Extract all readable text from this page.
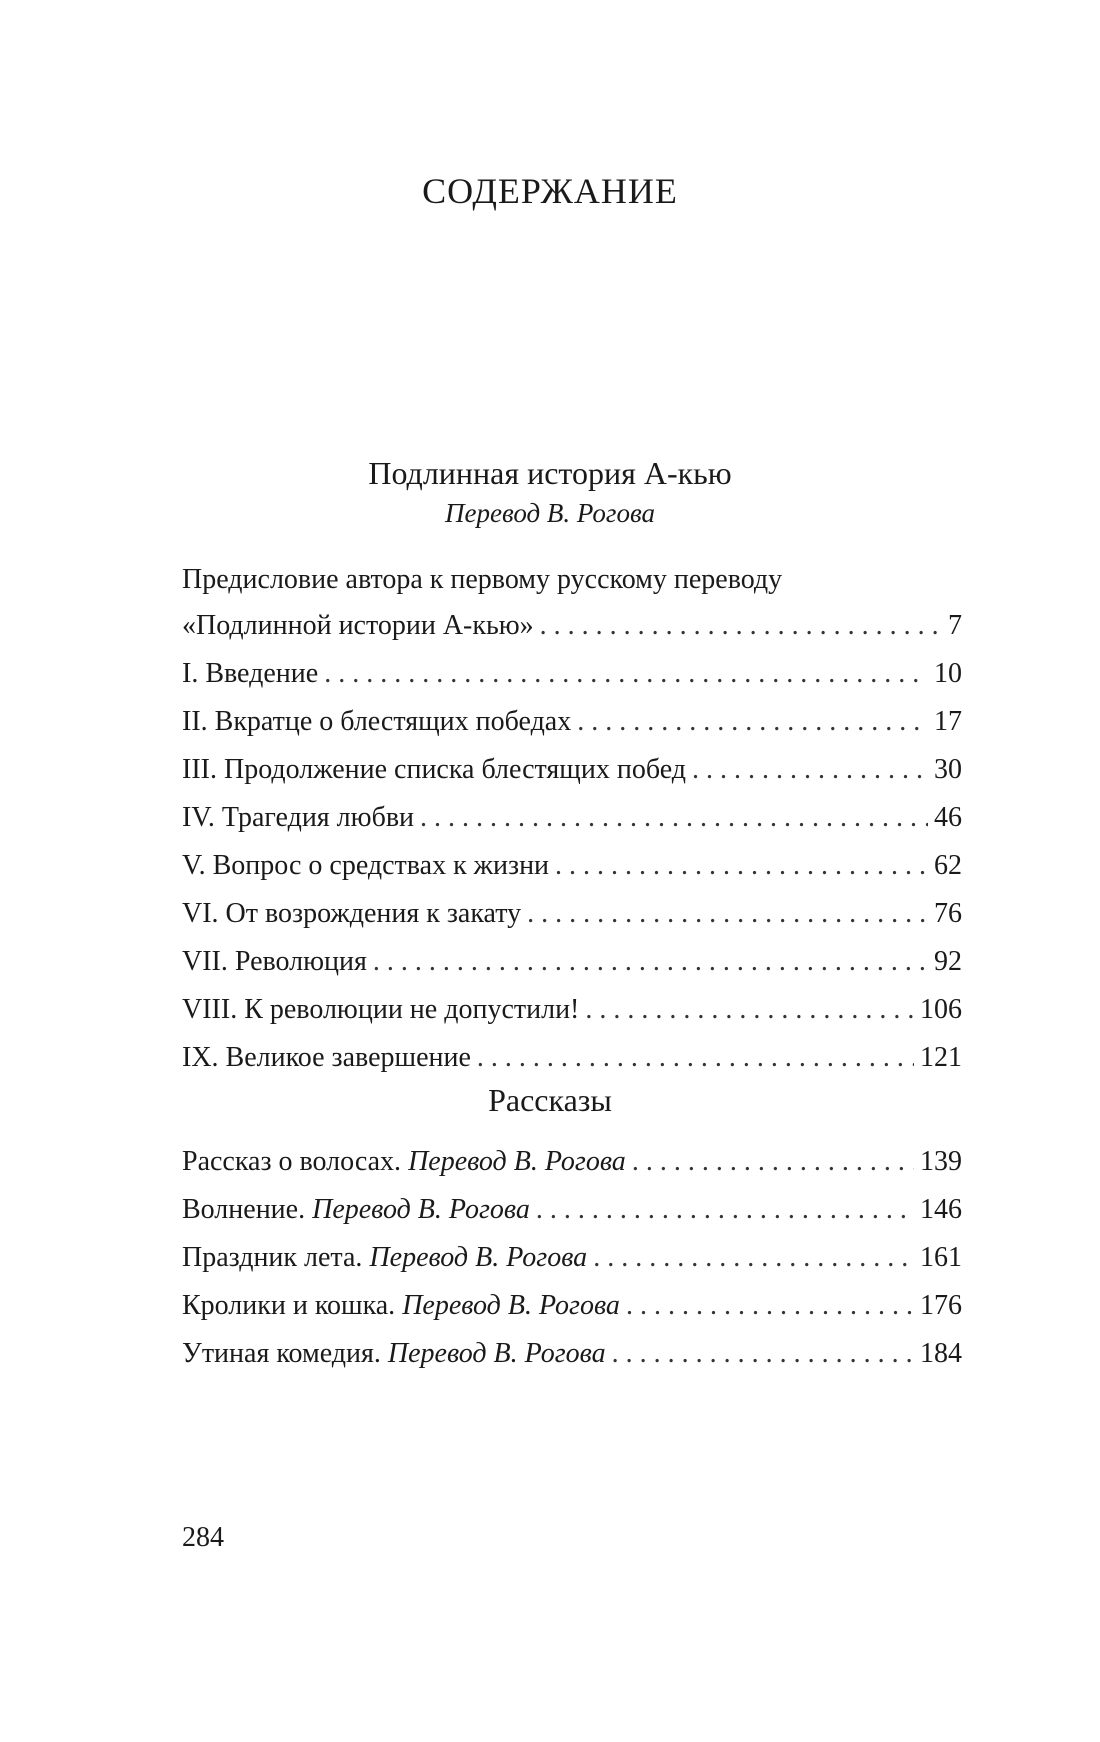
СОДЕРЖАНИЕ
Подлинная история А-кью
Перевод В. Рогова
Предисловие автора к первому русскому переводу
«Подлинной истории А-кью» . . .	7
I. Введение . . .	10
II. Вкратце о блестящих победах . . .	17
III. Продолжение списка блестящих побед . . .	30
IV. Трагедия любви . . .	46
V. Вопрос о средствах к жизни . . .	62
VI. От возрождения к закату . . .	76
VII. Революция . . .	92
VIII. К революции не допустили! . . .	106
IX. Великое завершение . . .	121
Рассказы
Рассказ о волосах. Перевод В. Рогова . . .	139
Волнение. Перевод В. Рогова . . .	146
Праздник лета. Перевод В. Рогова . . .	161
Кролики и кошка. Перевод В. Рогова . . .	176
Утиная комедия. Перевод В. Рогова . . .	184
284
